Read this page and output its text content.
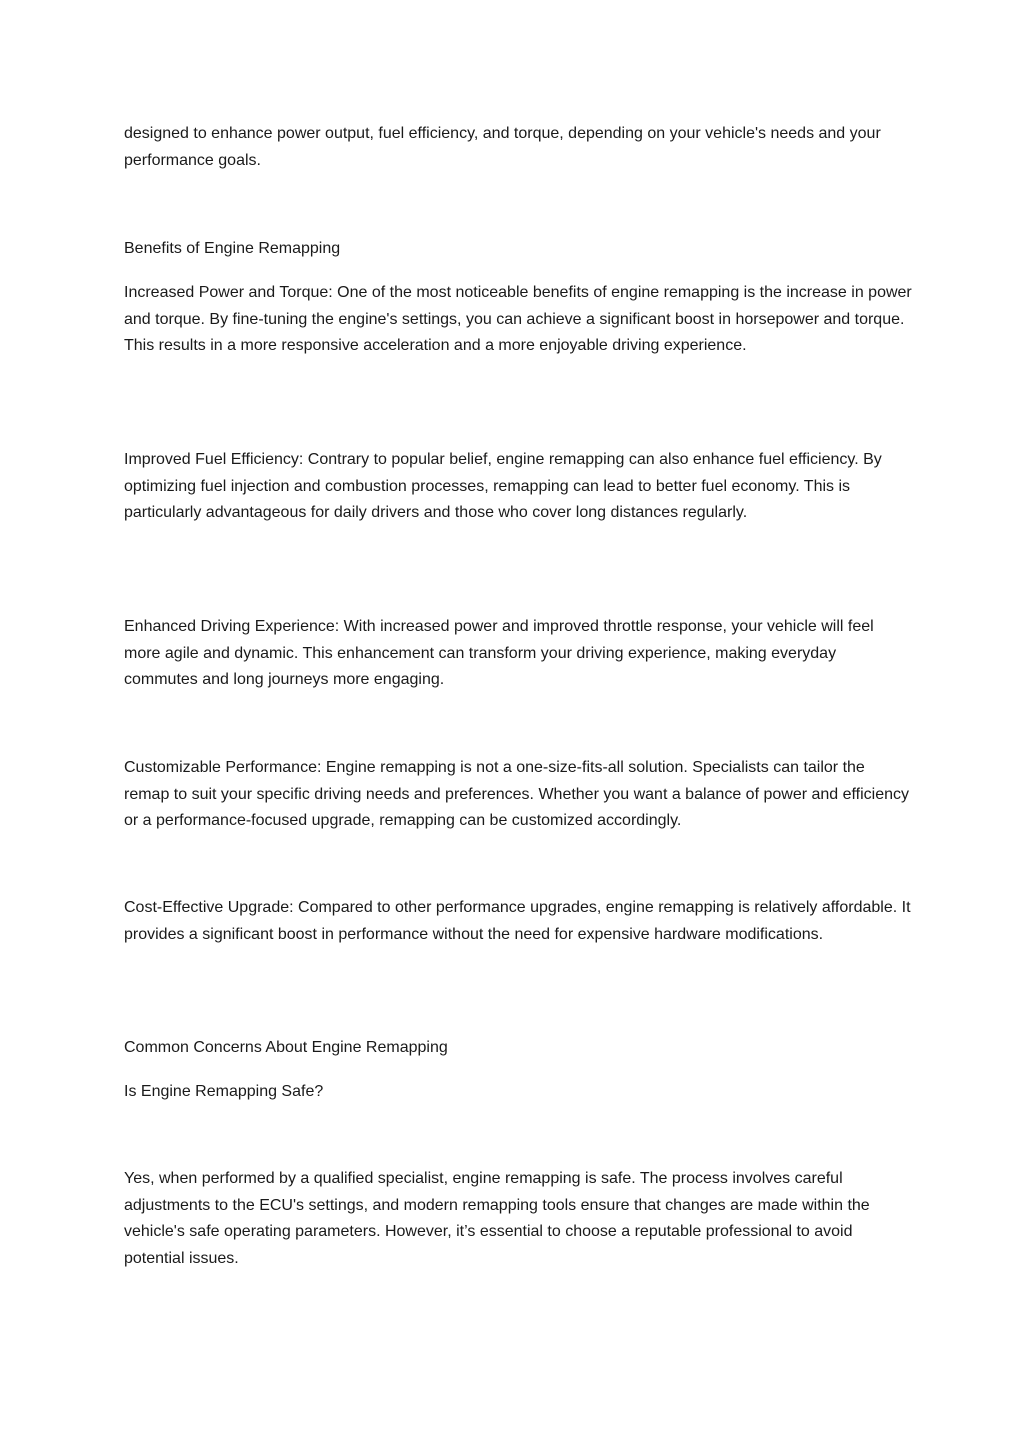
designed to enhance power output, fuel efficiency, and torque, depending on your vehicle's needs and your performance goals.

Benefits of Engine Remapping

Increased Power and Torque: One of the most noticeable benefits of engine remapping is the increase in power and torque. By fine-tuning the engine's settings, you can achieve a significant boost in horsepower and torque. This results in a more responsive acceleration and a more enjoyable driving experience.

Improved Fuel Efficiency: Contrary to popular belief, engine remapping can also enhance fuel efficiency. By optimizing fuel injection and combustion processes, remapping can lead to better fuel economy. This is particularly advantageous for daily drivers and those who cover long distances regularly.

Enhanced Driving Experience: With increased power and improved throttle response, your vehicle will feel more agile and dynamic. This enhancement can transform your driving experience, making everyday commutes and long journeys more engaging.

Customizable Performance: Engine remapping is not a one-size-fits-all solution. Specialists can tailor the remap to suit your specific driving needs and preferences. Whether you want a balance of power and efficiency or a performance-focused upgrade, remapping can be customized accordingly.

Cost-Effective Upgrade: Compared to other performance upgrades, engine remapping is relatively affordable. It provides a significant boost in performance without the need for expensive hardware modifications.

Common Concerns About Engine Remapping

Is Engine Remapping Safe?

Yes, when performed by a qualified specialist, engine remapping is safe. The process involves careful adjustments to the ECU's settings, and modern remapping tools ensure that changes are made within the vehicle's safe operating parameters. However, it’s essential to choose a reputable professional to avoid potential issues.
